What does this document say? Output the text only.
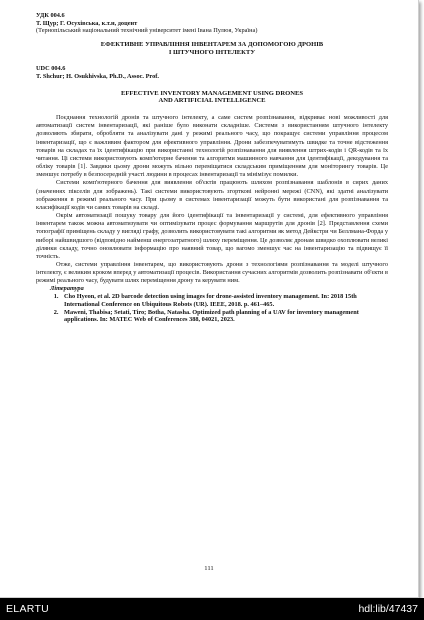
УДК 004.6
Т. Щур; Г. Осухівська, к.т.н, доцент
(Тернопільський національний технічний університет імені Івана Пулюя, Україна)
ЕФЕКТИВНЕ УПРАВЛІННЯ ІНВЕНТАРЕМ ЗА ДОПОМОГОЮ ДРОНІВ
І ШТУЧНОГО ІНТЕЛЕКТУ
UDC 004.6
T. Shchur; H. Osukhivska, Ph.D., Assoc. Prof.
EFFECTIVE INVENTORY MANAGEMENT USING DRONES
AND ARTIFICIAL INTELLIGENCE

Поєднання технологій дронів та штучного інтелекту, а саме систем розпізнавання, відкриває нові можливості для автоматизації систем інвентаризації, які раніше було виконати складніше. Системи з використанням штучного інтелекту дозволяють збирати, обробляти та аналізувати дані у режимі реального часу, що покращує системи управління процесом інвентаризації, що є важливим фактором для ефективного управління. Дрони забезпечуватимуть швидке та точне відстеження товарів на складах та їх ідентифікацію при використанні технологій розпізнавання для виявлення штрих-кодів і QR-кодів та їх читання. Ці системи використовують комп'ютерне бачення та алгоритми машинного навчання для ідентифікації, декодування та обліку товарів [1]. Завдяки цьому дрони можуть вільно переміщатися складським приміщенням для моніторингу товарів. Це зменшує потребу в безпосередній участі людини в процесах інвентаризації та мінімізує помилки.

Системи комп'ютерного бачення для виявлення об'єктів працюють шляхом розпізнавання шаблонів в сирих даних (значеннях пікселів для зображень). Такі системи використовують згорткові нейронні мережі (CNN), які здатні аналізувати зображення в режимі реального часу. При цьому в системах інвентаризації можуть бути використані для розпізнавання та класифікації кодів чи самих товарів на складі.

Окрім автоматизації пошуку товару для його ідентифікації та інвентаризації у системі, для ефективного управління інвентарем також можна автоматизувати чи оптимізувати процес формування маршрутів для дронів [2]. Представлення схеми топографії приміщень складу у вигляді графу, дозволить використовувати такі алгоритми як метод Дейкстри чи Беллмана-Форда у виборі найшвидшого (відповідно найменш енергозатратного) шляху переміщення. Це дозволяє дронам швидко охоплювати великі ділянки складу, точно оновлювати інформацію про наявний товар, що вагомо зменшує час на інвентаризацію та підвищує її точність.

Отже, системи управління інвентарем, що використовують дрони з технологіями розпізнавання та моделі штучного інтелекту, є великим кроком вперед у автоматизації процесів. Використання сучасних алгоритмів дозволить розпізнавати об'єкти в режимі реального часу, будувати шлях переміщення дрону та керувати ним.

Література
1. Cho Hyeon, et al. 2D barcode detection using images for drone-assisted inventory management. In: 2018 15th International Conference on Ubiquitous Robots (UR). IEEE, 2018. p. 461–465.
2. Maweni, Thabisa; Setati, Tiro; Botha, Natasha. Optimized path planning of a UAV for inventory management applications. In: MATEC Web of Conferences 388, 04021, 2023.
111
ELARTU	hdl:lib/47437
